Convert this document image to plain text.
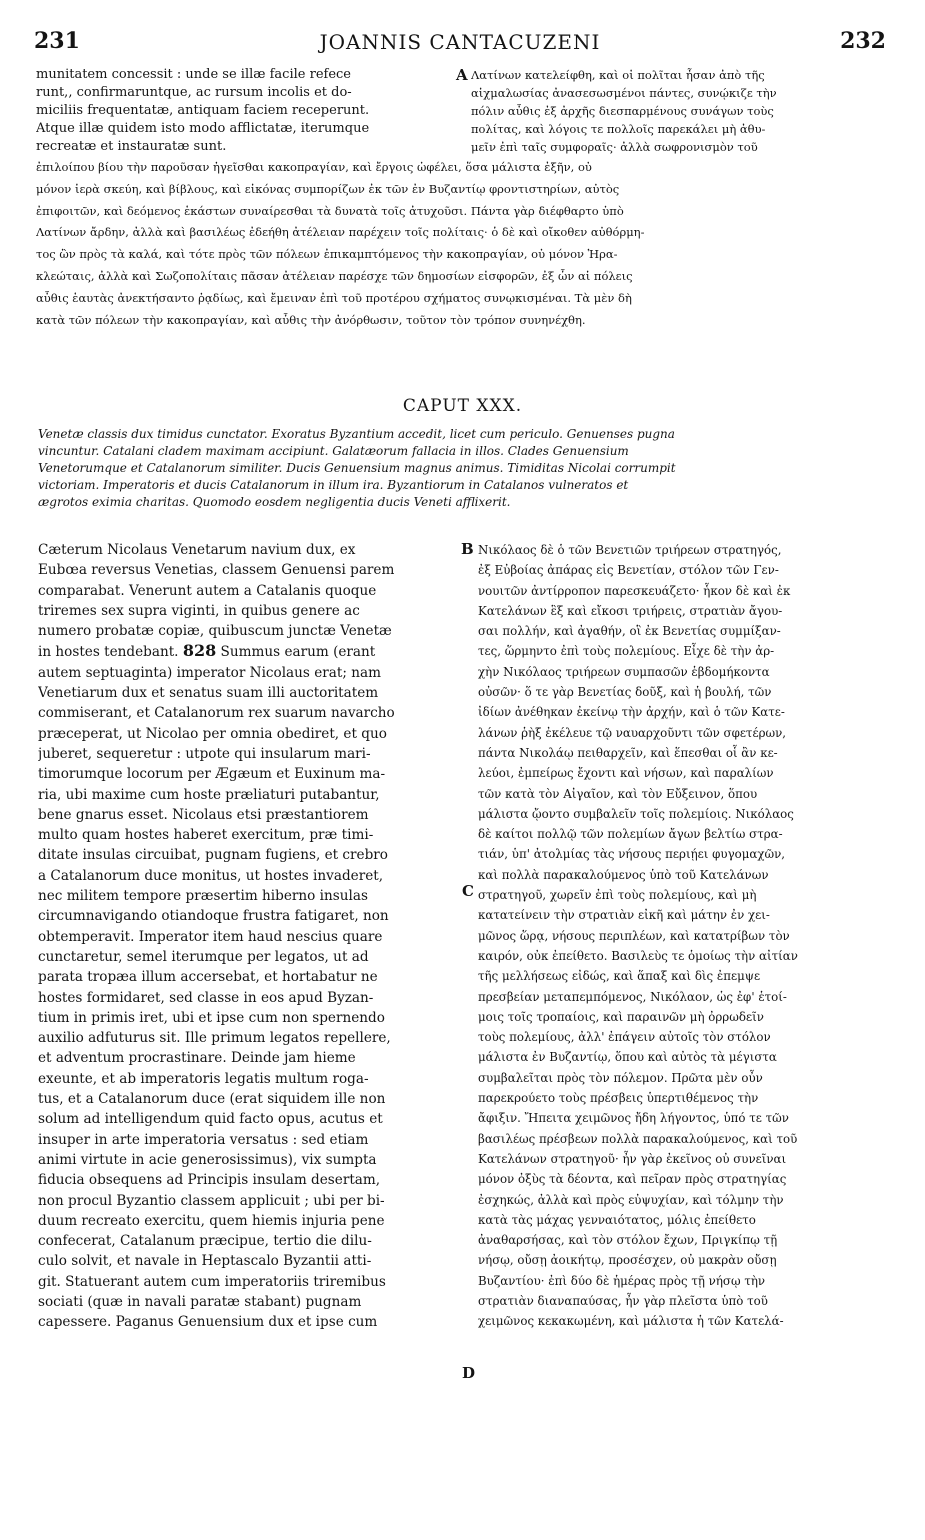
231	JOANNIS CANTACUZENI	232
munitatem concessit : unde se illæ facile refece
runt,, confirmaruntque, ac rursum incolis et do-
miciliis frequentatæ, antiquam faciem receperunt.
Atque illæ quidem isto modo afflictatæ, iterumque
recreatæ et instauratæ sunt.
A Λατίνων κατελείφθη, καὶ οἱ πολῖται ἦσαν ἀπὸ τῆς
αἰχμαλωσίας ἀνασεσωσμένοι πάντες, συνῴκιζε τὴν
πόλιν αὖθις ἐξ ἀρχῆς διεσπαρμένους συνάγων τοὺς
πολίτας, καὶ λόγοις τε πολλοῖς παρεκάλει μὴ ἀθυ-
μεῖν ἐπὶ ταῖς συμφοραῖς· ἀλλὰ σωφρονισμὸν τοῦ
ἐπιλοίπου βίου τὴν παροῦσαν ἡγεῖσθαι κακοπραγίαν, καὶ ἔργοις ὠφέλει, ὅσα μάλιστα ἐξῆν, οὐ
μόνον ἱερὰ σκεύη, καὶ βίβλους, καὶ εἰκόνας συμπορίζων ἐκ τῶν ἐν Βυζαντίῳ φροντιστηρίων, αὐτὸς
ἐπιφοιτῶν, καὶ δεόμενος ἑκάστων συναίρεσθαι τὰ δυνατὰ τοῖς ἀτυχοῦσι. Πάντα γὰρ διέφθαρτο ὑπὸ
Λατίνων ἄρδην, ἀλλὰ καὶ βασιλέως ἐδεήθη ἀτέλειαν παρέχειν τοῖς πολίταις· ὁ δὲ καὶ οἴκοθεν αὐθόρμη-
τος ὢν πρὸς τὰ καλά, καὶ τότε πρὸς τῶν πόλεων ἐπικαμπτόμενος τὴν κακοπραγίαν, οὐ μόνον Ἡρα-
κλεώταις, ἀλλὰ καὶ Σωζοπολίταις πᾶσαν ἀτέλειαν παρέσχε τῶν δημοσίων εἰσφορῶν, ἐξ ὧν αἱ πόλεις
αὖθις ἑαυτὰς ἀνεκτήσαντο ῥᾳδίως, καὶ ἔμειναν ἐπὶ τοῦ προτέρου σχήματος συνῳκισμέναι. Τὰ μὲν δὴ
κατὰ τῶν πόλεων τὴν κακοπραγίαν, καὶ αὖθις τὴν ἀνόρθωσιν, τοῦτον τὸν τρόπον συνηνέχθη.
CAPUT XXX.
Venetæ classis dux timidus cunctator. Exoratus Byzantium accedit, licet cum periculo. Genuenses pugna
vincuntur. Catalani cladem maximam accipiunt. Galatæorum fallacia in illos. Clades Genuensium
Venetorumque et Catalanorum similiter. Ducis Genuensium magnus animus. Timiditas Nicolai corrumpit
victoriam. Imperatoris et ducis Catalanorum in illum ira. Byzantiorum in Catalanos vulneratos et
ægrotos eximia charitas. Quomodo eosdem negligentia ducis Veneti afflixerit.
Cæterum Nicolaus Venetarum navium dux, ex
Eubœa reversus Venetias, classem Genuensi parem
comparabat. Venerunt autem a Catalanis quoque
triremes sex supra viginti, in quibus genere ac
numero probatæ copiæ, quibuscum junctæ Venetæ
in hostes tendebant. 828 Summus earum (erant
autem septuaginta) imperator Nicolaus erat; nam
Venetiarum dux et senatus suam illi auctoritatem
commiserant, et Catalanorum rex suarum navarcho
præceperat, ut Nicolao per omnia obediret, et quo
juberet, sequeretur : utpote qui insularum mari-
timorumque locorum per Ægæum et Euxinum ma-
ria, ubi maxime cum hoste præliaturi putabantur,
bene gnarus esset. Nicolaus etsi præstantiorem
multo quam hostes haberet exercitum, præ timi-
ditate insulas circuibat, pugnam fugiens, et crebro
a Catalanorum duce monitus, ut hostes invaderet,
nec militem tempore præsertim hiberno insulas
circumnavigando otiandoque frustra fatigaret, non
obtemperavit. Imperator item haud nescius quare
cunctaretur, semel iterumque per legatos, ut ad
parata tropæa illum accersebat, et hortabatur ne
hostes formidaret, sed classe in eos apud Byzan-
tium in primis iret, ubi et ipse cum non spernendo
auxilio adfuturus sit. Ille primum legatos repellere,
et adventum procrastinare. Deinde jam hieme
exeunte, et ab imperatoris legatis multum roga-
tus, et a Catalanorum duce (erat siquidem ille non
solum ad intelligendum quid facto opus, acutus et
insuper in arte imperatoria versatus : sed etiam
animi virtute in acie generosissimus), vix sumpta
fiducia obsequens ad Principis insulam desertam,
non procul Byzantio classem applicuit ; ubi per bi-
duum recreato exercitu, quem hiemis injuria pene
confecerat, Catalanum præcipue, tertio die dilu-
culo solvit, et navale in Heptascalo Byzantii atti-
git. Statuerant autem cum imperatoriis triremibus
sociati (quæ in navali paratæ stabant) pugnam
capessere. Paganus Genuensium dux et ipse cum
B
C
D
Νικόλαος δὲ ὁ τῶν Βενετιῶν τριήρεων στρατηγός,
ἐξ Εὐβοίας ἀπάρας εἰς Βενετίαν, στόλον τῶν Γεν-
νουιτῶν ἀντίρροπον παρεσκευάζετο· ἧκον δὲ καὶ ἐκ
Κατελάνων ἓξ καὶ εἴκοσι τριήρεις, στρατιὰν ἄγου-
σαι πολλήν, καὶ ἀγαθήν, οἳ ἐκ Βενετίας συμμίξαν-
τες, ὥρμηντο ἐπὶ τοὺς πολεμίους. Εἶχε δὲ τὴν ἀρ-
χὴν Νικόλαος τριήρεων συμπασῶν ἑβδομήκοντα
οὐσῶν· ὅ τε γὰρ Βενετίας δοῦξ, καὶ ἡ βουλή, τῶν
ἰδίων ἀνέθηκαν ἐκείνῳ τὴν ἀρχήν, καὶ ὁ τῶν Κατε-
λάνων ῥὴξ ἐκέλευε τῷ ναυαρχοῦντι τῶν σφετέρων,
πάντα Νικολάῳ πειθαρχεῖν, καὶ ἕπεσθαι οἷ ἂν κε-
λεύοι, ἐμπείρως ἔχοντι καὶ νήσων, καὶ παραλίων
τῶν κατὰ τὸν Αἰγαῖον, καὶ τὸν Εὔξεινον, ὅπου
μάλιστα ᾤοντο συμβαλεῖν τοῖς πολεμίοις. Νικόλαος
δὲ καίτοι πολλῷ τῶν πολεμίων ἄγων βελτίω στρα-
τιάν, ὑπ' ἀτολμίας τὰς νήσους περιῄει φυγομαχῶν,
καὶ πολλὰ παρακαλούμενος ὑπὸ τοῦ Κατελάνων
στρατηγοῦ, χωρεῖν ἐπὶ τοὺς πολεμίους, καὶ μὴ
κατατείνειν τὴν στρατιὰν εἰκῆ καὶ μάτην ἐν χει-
μῶνος ὥρᾳ, νήσους περιπλέων, καὶ κατατρίβων τὸν
καιρόν, οὐκ ἐπείθετο. Βασιλεὺς τε ὁμοίως τὴν αἰτίαν
τῆς μελλήσεως εἰδώς, καὶ ἅπαξ καὶ δὶς ἐπεμψε
πρεσβείαν μεταπεμπόμενος, Νικόλαον, ὡς ἐφ' ἑτοί-
μοις τοῖς τροπαίοις, καὶ παραινῶν μὴ ὀρρωδεῖν
τοὺς πολεμίους, ἀλλ' ἐπάγειν αὐτοῖς τὸν στόλον
μάλιστα ἐν Βυζαντίῳ, ὅπου καὶ αὐτὸς τὰ μέγιστα
συμβαλεῖται πρὸς τὸν πόλεμον. Πρῶτα μὲν οὖν
παρεκρούετο τοὺς πρέσβεις ὑπερτιθέμενος τὴν
ἄφιξιν. Ἤπειτα χειμῶνος ἤδη λήγοντος, ὑπό τε τῶν
βασιλέως πρέσβεων πολλὰ παρακαλούμενος, καὶ τοῦ
Κατελάνων στρατηγοῦ· ἦν γὰρ ἐκεῖνος οὐ συνεῖναι
μόνον ὀξὺς τὰ δέοντα, καὶ πεῖραν πρὸς στρατηγίας
ἐσχηκώς, ἀλλὰ καὶ πρὸς εὐψυχίαν, καὶ τόλμην τὴν
κατὰ τὰς μάχας γενναιότατος, μόλις ἐπείθετο
ἀναθαρσήσας, καὶ τὸν στόλον ἔχων, Πριγκίπῳ τῇ
νήσῳ, οὔσῃ ἀοικήτῳ, προσέσχεν, οὐ μακρὰν οὔσῃ
Βυζαντίου· ἐπὶ δύο δὲ ἡμέρας πρὸς τῇ νήσῳ τὴν
στρατιὰν διαναπαύσας, ἦν γὰρ πλεῖστα ὑπὸ τοῦ
χειμῶνος κεκακωμένη, καὶ μάλιστα ἡ τῶν Κατελά-
